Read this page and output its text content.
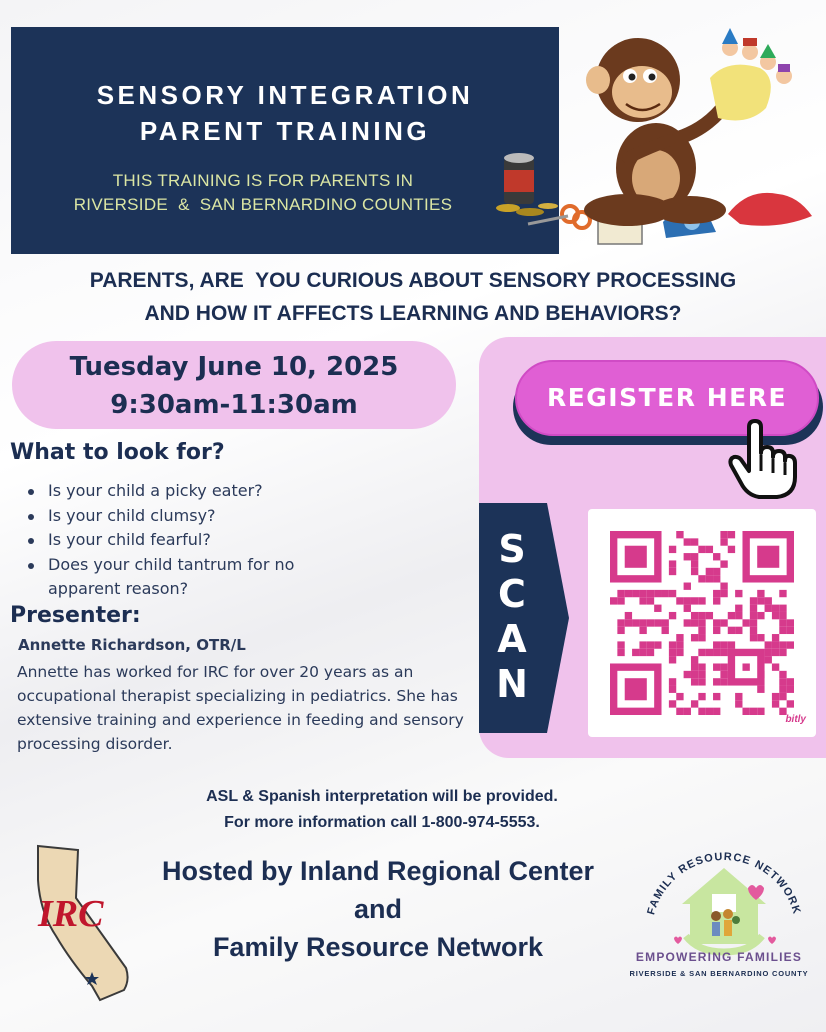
SENSORY INTEGRATION
PARENT TRAINING
THIS TRAINING IS FOR PARENTS IN
RIVERSIDE  &  SAN BERNARDINO COUNTIES
PARENTS, ARE  YOU CURIOUS ABOUT SENSORY PROCESSING
AND HOW IT AFFECTS LEARNING AND BEHAVIORS?
Tuesday June 10, 2025
9:30am-11:30am
What to look for?
Is your child a picky eater?
Is your child clumsy?
Is your child fearful?
Does your child tantrum for no apparent reason?
Presenter:
Annette Richardson, OTR/L
Annette has worked for IRC for over 20 years as an occupational therapist specializing in pediatrics. She has extensive training and experience in feeding and sensory processing disorder.
REGISTER HERE
S
C
A
N
bitly
ASL & Spanish interpretation will be provided.
For more information call 1-800-974-5553.
Hosted by Inland Regional Center
and
Family Resource Network
IRC	FAMILY RESOURCE NETWORK
EMPOWERING FAMILIES
RIVERSIDE & SAN BERNARDINO COUNTY
